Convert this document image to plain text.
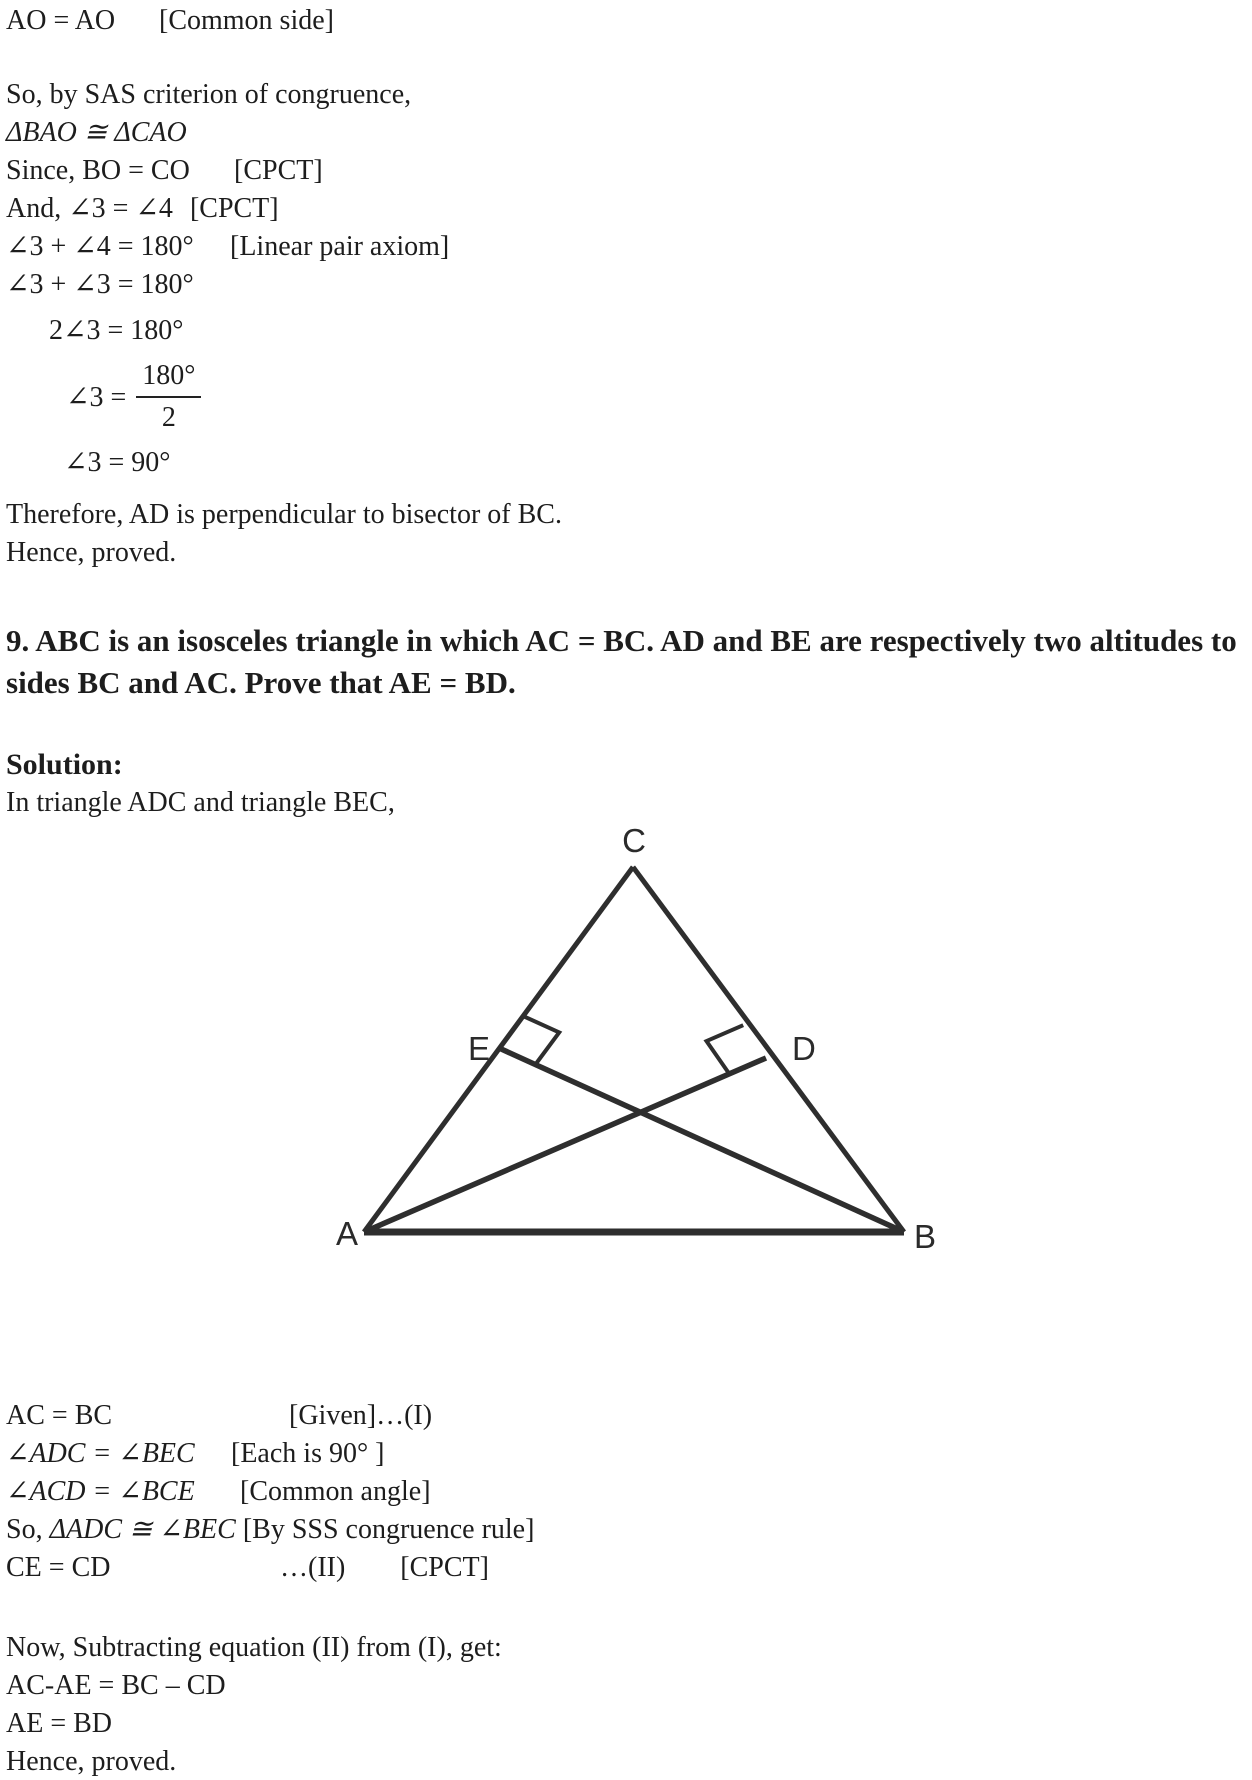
AO = AO [Common side]
So, by SAS criterion of congruence,
ΔBAO ≅ ΔCAO
Since, BO = CO [CPCT]
And, ∠3 = ∠4 [CPCT]
∠3 + ∠4 = 180° [Linear pair axiom]
∠3 + ∠3 = 180°
2∠3 = 180°
∠3 = $\frac{180^\circ}{2}$
∠3 = 90°
Therefore, AD is perpendicular to bisector of BC.
Hence, proved.
9. ABC is an isosceles triangle in which AC = BC. AD and BE are respectively two altitudes to sides BC and AC. Prove that AE = BD.
Solution:
In triangle ADC and triangle BEC,
C
E	D
A	B
AC = BC	[Given]…(I)
∠ADC = ∠BEC [Each is 90° ]
∠ACD = ∠BCE [Common angle]
So, ΔADC ≅ ∠BEC [By SSS congruence rule]
CE = CD	…(II) [CPCT]
Now, Subtracting equation (II) from (I), get:
AC-AE = BC – CD
AE = BD
Hence, proved.
